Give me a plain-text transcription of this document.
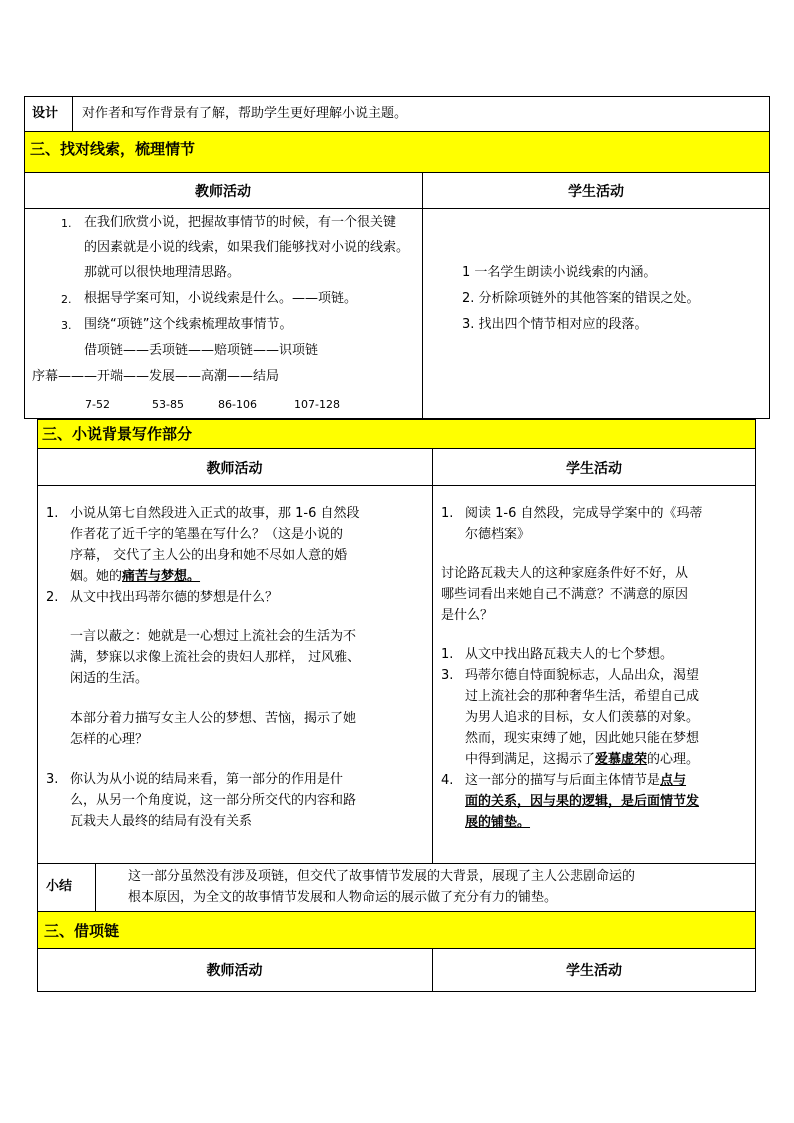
设计 对作者和写作背景有了解，帮助学生更好理解小说主题。
三、找对线索，梳理情节
教师活动	学生活动
1. 在我们欣赏小说，把握故事情节的时候，有一个很关键
的因素就是小说的线索，如果我们能够找对小说的线索。
那就可以很快地理清思路。
2. 根据导学案可知，小说线索是什么。——项链。
3. 围绕“项链”这个线索梳理故事情节。
借项链——丢项链——赔项链——识项链
序幕———开端——发展——高潮——结局
7-52	53-85	86-106	107-128
1 一名学生朗读小说线索的内涵。
2. 分析除项链外的其他答案的错误之处。
3. 找出四个情节相对应的段落。
三、小说背景写作部分
教师活动	学生活动
1. 小说从第七自然段进入正式的故事，那 1-6 自然段
作者花了近千字的笔墨在写什么？（这是小说的
序幕， 交代了主人公的出身和她不尽如人意的婚
姻。她的痛苦与梦想。
2. 从文中找出玛蒂尔德的梦想是什么？
一言以蔽之：她就是一心想过上流社会的生活为不
满，梦寐以求像上流社会的贵妇人那样， 过风雅、
闲适的生活。
本部分着力描写女主人公的梦想、苦恼，揭示了她
怎样的心理？
3. 你认为从小说的结局来看，第一部分的作用是什
么，从另一个角度说，这一部分所交代的内容和路
瓦栽夫人最终的结局有没有关系
1. 阅读 1-6 自然段，完成导学案中的《玛蒂
尔德档案》
讨论路瓦栽夫人的这种家庭条件好不好，从
哪些词看出来她自己不满意？不满意的原因
是什么？
1. 从文中找出路瓦栽夫人的七个梦想。
3. 玛蒂尔德自恃面貌标志，人品出众，渴望
过上流社会的那种奢华生活，希望自己成
为男人追求的目标，女人们羡慕的对象。
然而，现实束缚了她，因此她只能在梦想
中得到满足，这揭示了爱慕虚荣的心理。
4. 这一部分的描写与后面主体情节是点与
面的关系，因与果的逻辑，是后面情节发
展的铺垫。
小结
这一部分虽然没有涉及项链，但交代了故事情节发展的大背景，展现了主人公悲剧命运的
根本原因，为全文的故事情节发展和人物命运的展示做了充分有力的铺垫。
三、借项链
教师活动	学生活动
